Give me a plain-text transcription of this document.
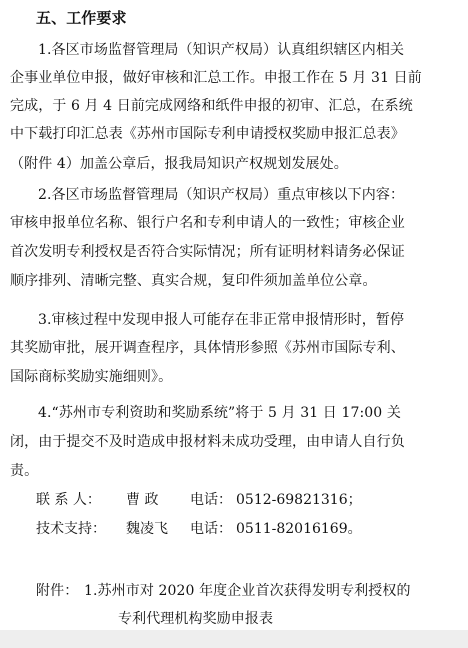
五、工作要求
1.各区市场监督管理局（知识产权局）认真组织辖区内相关
企事业单位申报，做好审核和汇总工作。申报工作在 5 月 31 日前
完成，于 6 月 4 日前完成网络和纸件申报的初审、汇总，在系统
中下载打印汇总表《苏州市国际专利申请授权奖励申报汇总表》
（附件 4）加盖公章后，报我局知识产权规划发展处。
2.各区市场监督管理局（知识产权局）重点审核以下内容：
审核申报单位名称、银行户名和专利申请人的一致性；审核企业
首次发明专利授权是否符合实际情况；所有证明材料请务必保证
顺序排列、清晰完整、真实合规，复印件须加盖单位公章。
3.审核过程中发现申报人可能存在非正常申报情形时，暂停
其奖励审批，展开调查程序，具体情形参照《苏州市国际专利、
国际商标奖励实施细则》。
4.“苏州市专利资助和奖励系统”将于 5 月 31 日 17:00 关
闭，由于提交不及时造成申报材料未成功受理，由申请人自行负
责。
联 系 人： 曹 政 电话： 0512-69821316；
技术支持： 魏凌飞 电话： 0511-82016169。
附件： 1.苏州市对 2020 年度企业首次获得发明专利授权的
专利代理机构奖励申报表
